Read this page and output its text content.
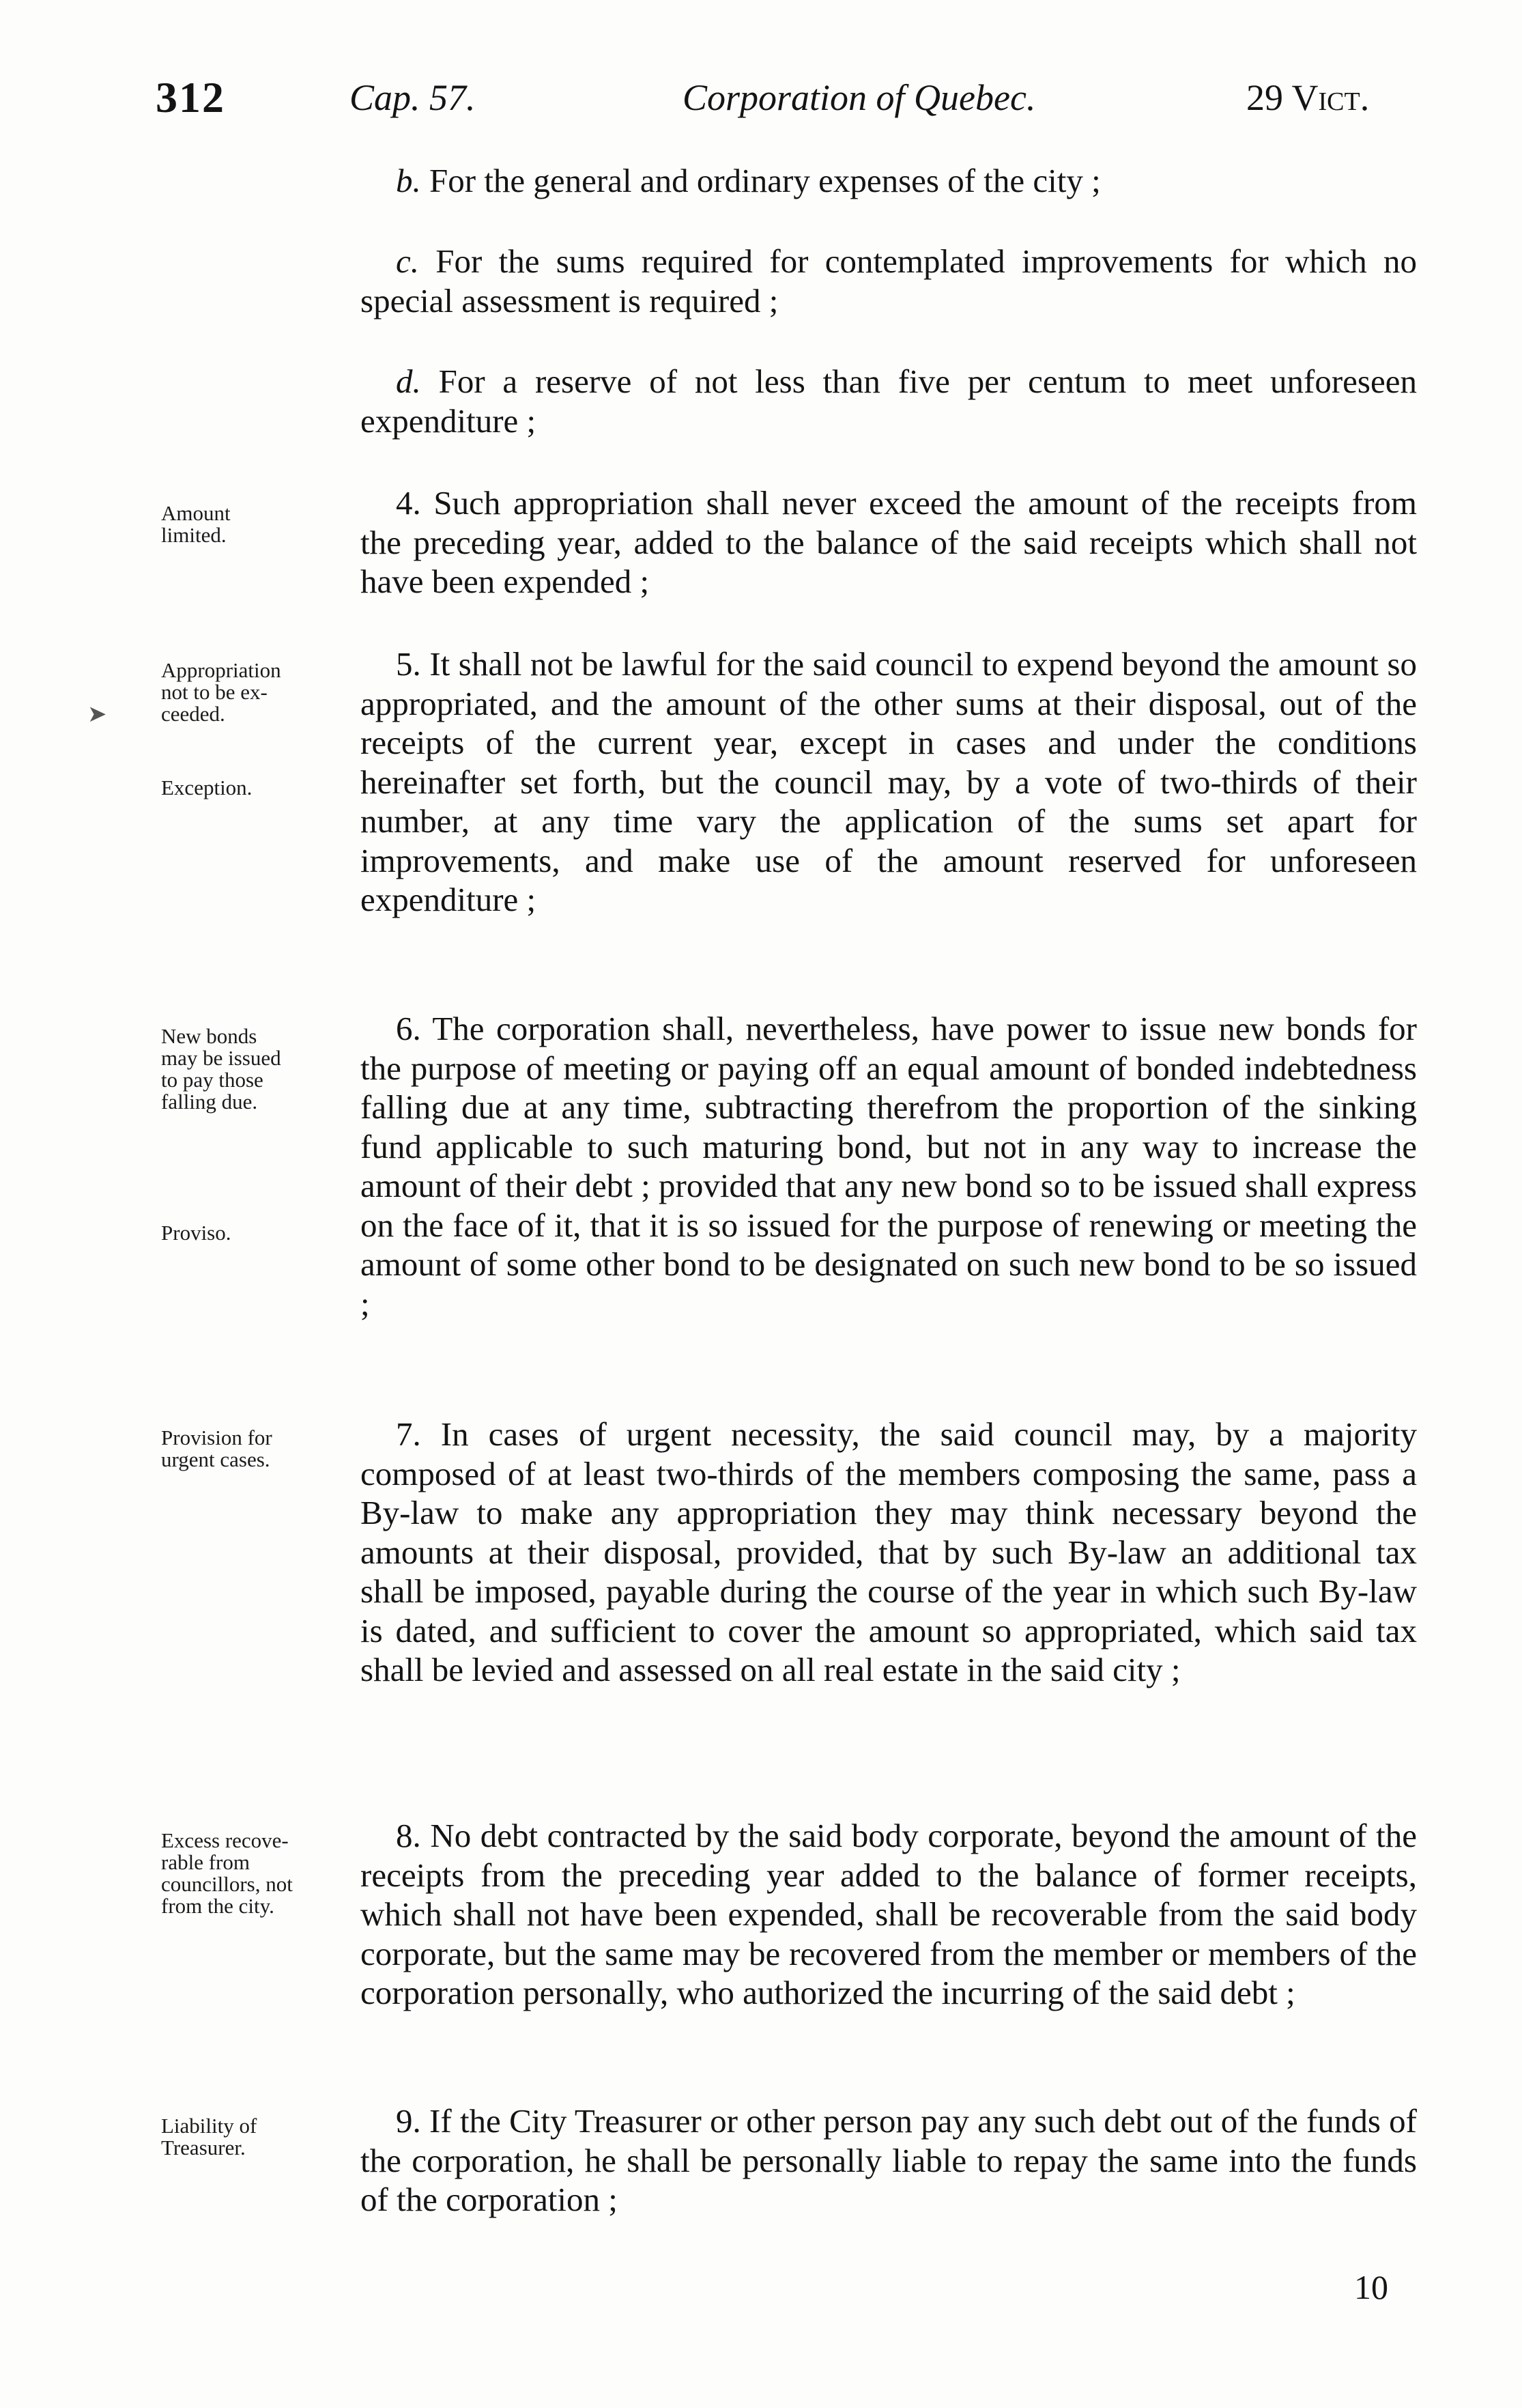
312	Cap. 57.	Corporation of Quebec.	29 Vict.

b. For the general and ordinary expenses of the city ;

c. For the sums required for contemplated improvements for which no special assessment is required ;

d. For a reserve of not less than five per centum to meet unforeseen expenditure ;

Amount
limited.

4. Such appropriation shall never exceed the amount of the receipts from the preceding year, added to the balance of the said receipts which shall not have been expended ;

Appropriation
not to be ex-
ceeded.

Exception.

5. It shall not be lawful for the said council to expend beyond the amount so appropriated, and the amount of the other sums at their disposal, out of the receipts of the current year, except in cases and under the conditions hereinafter set forth, but the council may, by a vote of two-thirds of their number, at any time vary the application of the sums set apart for improvements, and make use of the amount reserved for unforeseen expenditure ;

New bonds
may be issued
to pay those
falling due.

Proviso.

6. The corporation shall, nevertheless, have power to issue new bonds for the purpose of meeting or paying off an equal amount of bonded indebtedness falling due at any time, subtracting therefrom the proportion of the sinking fund applicable to such maturing bond, but not in any way to increase the amount of their debt ; provided that any new bond so to be issued shall express on the face of it, that it is so issued for the purpose of renewing or meeting the amount of some other bond to be designated on such new bond to be so issued ;

Provision for
urgent cases.

7. In cases of urgent necessity, the said council may, by a majority composed of at least two-thirds of the members composing the same, pass a By-law to make any appropriation they may think necessary beyond the amounts at their disposal, provided, that by such By-law an additional tax shall be imposed, payable during the course of the year in which such By-law is dated, and sufficient to cover the amount so appropriated, which said tax shall be levied and assessed on all real estate in the said city ;

Excess recove-
rable from
councillors, not
from the city.

8. No debt contracted by the said body corporate, beyond the amount of the receipts from the preceding year added to the balance of former receipts, which shall not have been expended, shall be recoverable from the said body corporate, but the same may be recovered from the member or members of the corporation personally, who authorized the incurring of the said debt ;

Liability of
Treasurer.

9. If the City Treasurer or other person pay any such debt out of the funds of the corporation, he shall be personally liable to repay the same into the funds of the corporation ;

10
➤
